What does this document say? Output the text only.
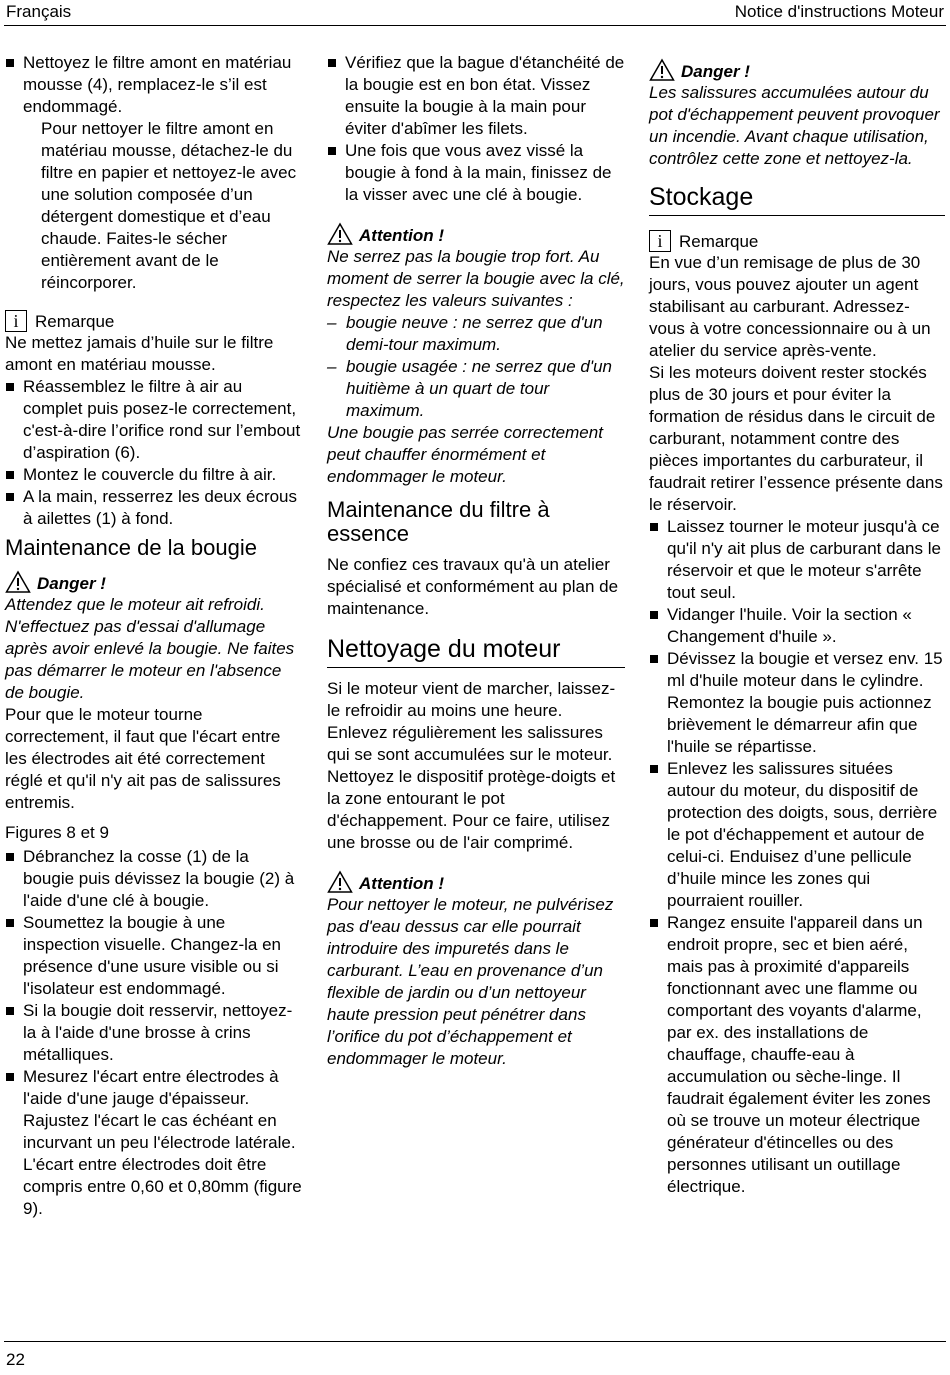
Français	Notice d'instructions Moteur
Nettoyez le filtre amont en matériau mousse (4), remplacez-le s’il est endommagé.

Pour nettoyer le filtre amont en matériau mousse, détachez-le du filtre en papier et nettoyez-le avec une solution composée d’un détergent domestique et d’eau chaude. Faites-le sécher entièrement avant de le réincorporer.

i Remarque

Ne mettez jamais d’huile sur le filtre amont en matériau mousse.

Réassemblez le filtre à air au complet puis posez-le correctement, c'est-à-dire l’orifice rond sur l’embout d’aspiration (6).
Montez le couvercle du filtre à air.
A la main, resserrez les deux écrous à ailettes (1) à fond.
Maintenance de la bougie
Danger !

Attendez que le moteur ait refroidi. N'effectuez pas d'essai d'allumage après avoir enlevé la bougie. Ne faites pas démarrer le moteur en l'absence de bougie.

Pour que le moteur tourne correctement, il faut que l'écart entre les électrodes ait été correctement réglé et qu'il n'y ait pas de salissures entremis.

Figures 8 et 9
Débranchez la cosse (1) de la bougie puis dévissez la bougie (2) à l'aide d'une clé à bougie.
Soumettez la bougie à une inspection visuelle. Changez-la en présence d'une usure visible ou si l'isolateur est endommagé.
Si la bougie doit resservir, nettoyez-la à l'aide d'une brosse à crins métalliques.
Mesurez l'écart entre électrodes à l'aide d'une jauge d'épaisseur. Rajustez l'écart le cas échéant en incurvant un peu l'électrode latérale. L'écart entre électrodes doit être compris entre 0,60 et 0,80mm (figure 9).
Vérifiez que la bague d'étanchéité de la bougie est en bon état. Vissez ensuite la bougie à la main pour éviter d'abîmer les filets.
Une fois que vous avez vissé la bougie à fond à la main, finissez de la visser avec une clé à bougie.
Attention !

Ne serrez pas la bougie trop fort. Au moment de serrer la bougie avec la clé, respectez les valeurs suivantes :

– bougie neuve : ne serrez que d'un demi-tour maximum.
– bougie usagée : ne serrez que d'un huitième à un quart de tour maximum.

Une bougie pas serrée correctement peut chauffer énormément et endommager le moteur.

Maintenance du filtre à essence

Ne confiez ces travaux qu'à un atelier spécialisé et conformément au plan de maintenance.

Nettoyage du moteur

Si le moteur vient de marcher, laissez-le refroidir au moins une heure. Enlevez régulièrement les salissures qui se sont accumulées sur le moteur. Nettoyez le dispositif protège-doigts et la zone entourant le pot d'échappement. Pour ce faire, utilisez une brosse ou de l'air comprimé.

Attention !

Pour nettoyer le moteur, ne pulvérisez pas d'eau dessus car elle pourrait introduire des impuretés dans le carburant. L’eau en provenance d’un flexible de jardin ou d’un nettoyeur haute pression peut pénétrer dans l’orifice du pot d’échappement et endommager le moteur.

Danger !

Les salissures accumulées autour du pot d'échappement peuvent provoquer un incendie. Avant chaque utilisation, contrôlez cette zone et nettoyez-la.

Stockage
i Remarque

En vue d’un remisage de plus de 30 jours, vous pouvez ajouter un agent stabilisant au carburant. Adressez-vous à votre concessionnaire ou à un atelier du service après-vente.

Si les moteurs doivent rester stockés plus de 30 jours et pour éviter la formation de résidus dans le circuit de carburant, notamment contre des pièces importantes du carburateur, il faudrait retirer l’essence présente dans le réservoir.

Laissez tourner le moteur jusqu'à ce qu'il n'y ait plus de carburant dans le réservoir et que le moteur s'arrête tout seul.
Vidanger l'huile. Voir la section « Changement d'huile ».
Dévissez la bougie et versez env. 15 ml d'huile moteur dans le cylindre. Remontez la bougie puis actionnez brièvement le démarreur afin que l'huile se répartisse.
Enlevez les salissures situées autour du moteur, du dispositif de protection des doigts, sous, derrière le pot d'échappement et autour de celui-ci. Enduisez d’une pellicule d’huile mince les zones qui pourraient rouiller.
Rangez ensuite l'appareil dans un endroit propre, sec et bien aéré, mais pas à proximité d'appareils fonctionnant avec une flamme ou comportant des voyants d'alarme, par ex. des installations de chauffage, chauffe-eau à accumulation ou sèche-linge. Il faudrait également éviter les zones où se trouve un moteur électrique générateur d'étincelles ou des personnes utilisant un outillage électrique.
22
